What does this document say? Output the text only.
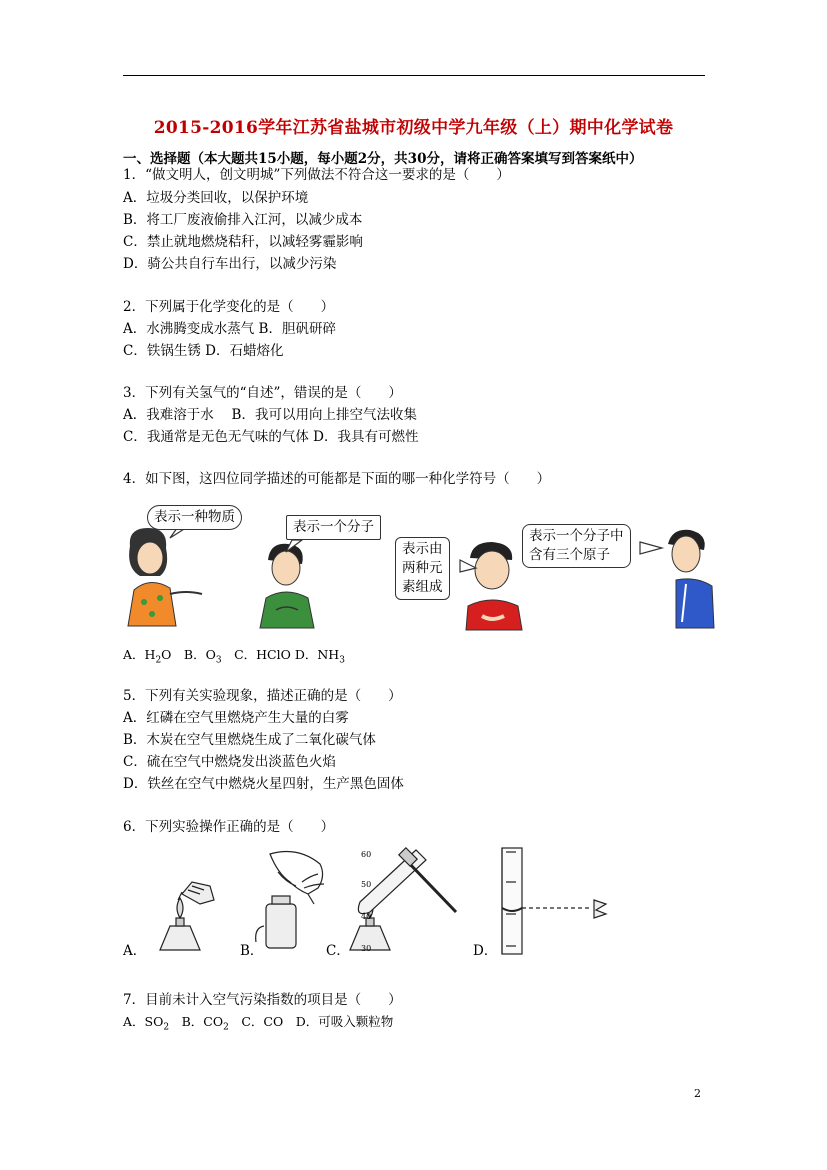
2015-2016学年江苏省盐城市初级中学九年级（上）期中化学试卷
一、选择题（本大题共15小题，每小题2分，共30分，请将正确答案填写到答案纸中）
1．“做文明人，创文明城”下列做法不符合这一要求的是（　　）
A．垃圾分类回收，以保护环境
B．将工厂废液偷排入江河，以减少成本
C．禁止就地燃烧秸秆，以减轻雾霾影响
D．骑公共自行车出行，以减少污染
2．下列属于化学变化的是（　　）
A．水沸腾变成水蒸气 B．胆矾研碎
C．铁锅生锈 D．石蜡熔化
3．下列有关氢气的“自述”，错误的是（　　）
A．我难溶于水　 B．我可以用向上排空气法收集
C．我通常是无色无气味的气体 D．我具有可燃性
4．如下图，这四位同学描述的可能都是下面的哪一种化学符号（　　）
表示一种物质
表示一个分子
表示由
两种元
素组成
表示一个分子中
含有三个原子
A．$H_2O$　B．$O_3$　C．HClO D．$NH_3$
5．下列有关实验现象，描述正确的是（　　）
A．红磷在空气里燃烧产生大量的白雾
B．木炭在空气里燃烧生成了二氧化碳气体
C．硫在空气中燃烧发出淡蓝色火焰
D．铁丝在空气中燃烧火星四射，生产黑色固体
6．下列实验操作正确的是（　　）
60
50
40
30
A．	B．	C．	D．
7．目前未计入空气污染指数的项目是（　　）
A．$SO_2$　B．$CO_2$　C．CO　D．可吸入颗粒物
2
